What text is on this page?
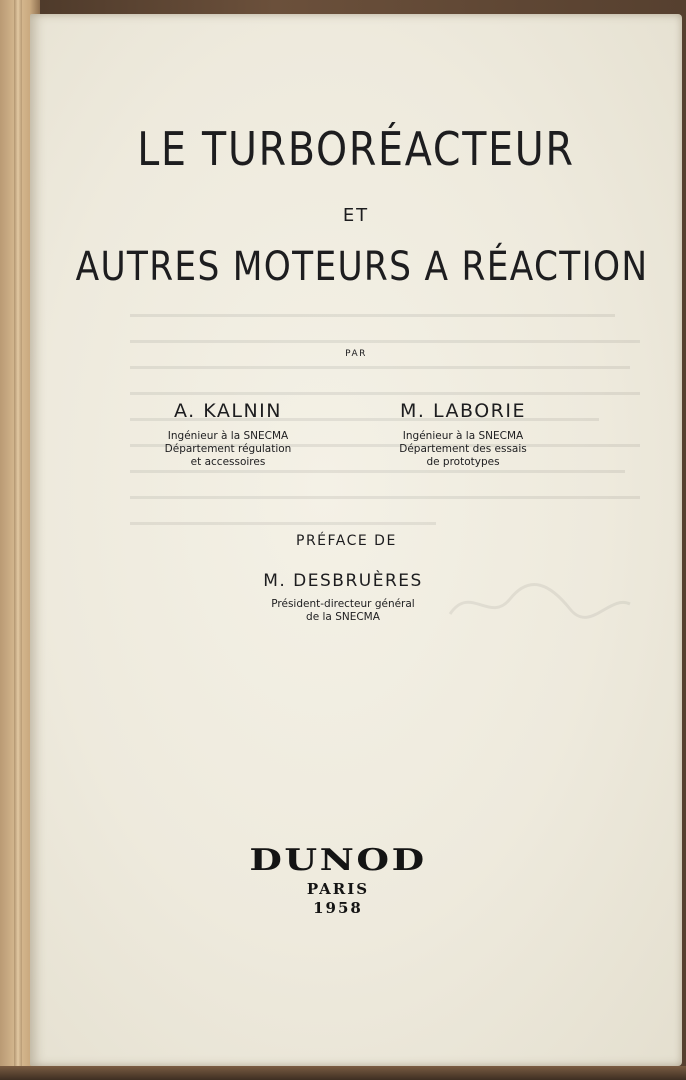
LE TURBORÉACTEUR
ET
AUTRES MOTEURS A RÉACTION
PAR
A. KALNIN
Ingénieur à la SNECMA
Département régulation
et accessoires
M. LABORIE
Ingénieur à la SNECMA
Département des essais
de prototypes
PRÉFACE DE
M. DESBRUÈRES
Président-directeur général
de la SNECMA
DUNOD
PARIS
1958
